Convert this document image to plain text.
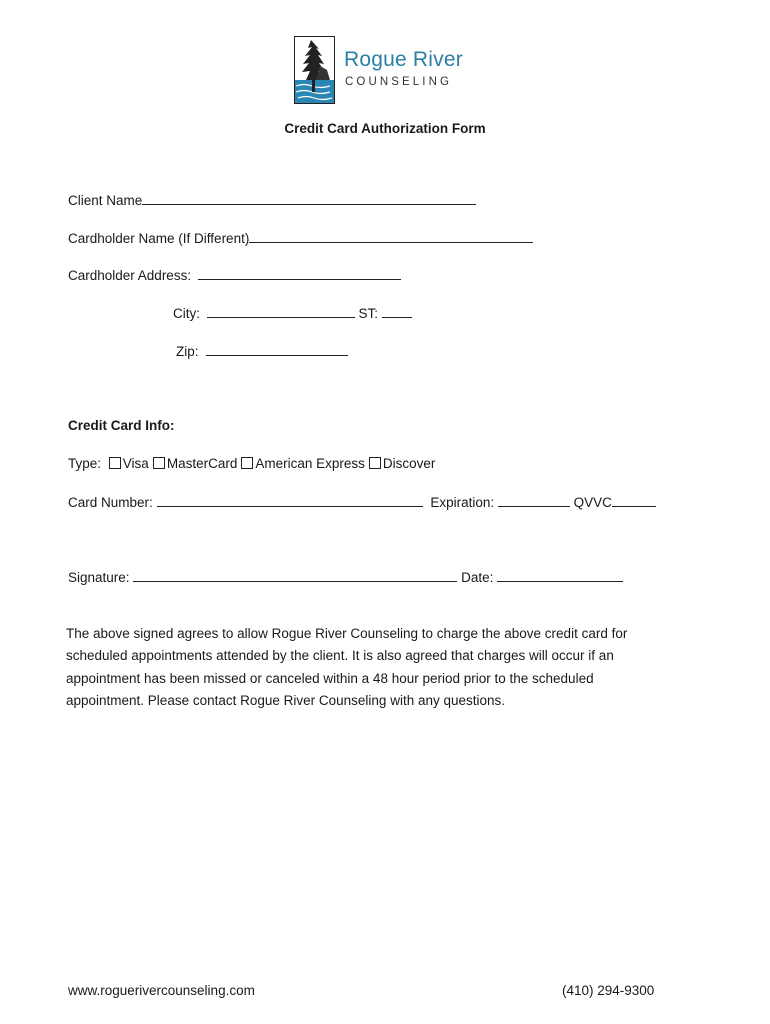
Rogue River
COUNSELING
Credit Card Authorization Form
Client Name
Cardholder Name (If Different)
Cardholder Address:
City:	ST:
Zip:
Credit Card Info:
Type: Visa MasterCard American Express Discover
Card Number:	Expiration:	QVVC
Signature:	Date:
The above signed agrees to allow Rogue River Counseling to charge the above credit card for
scheduled appointments attended by the client. It is also agreed that charges will occur if an
appointment has been missed or canceled within a 48 hour period prior to the scheduled
appointment. Please contact Rogue River Counseling with any questions.
www.roguerivercounseling.com	(410) 294-9300
